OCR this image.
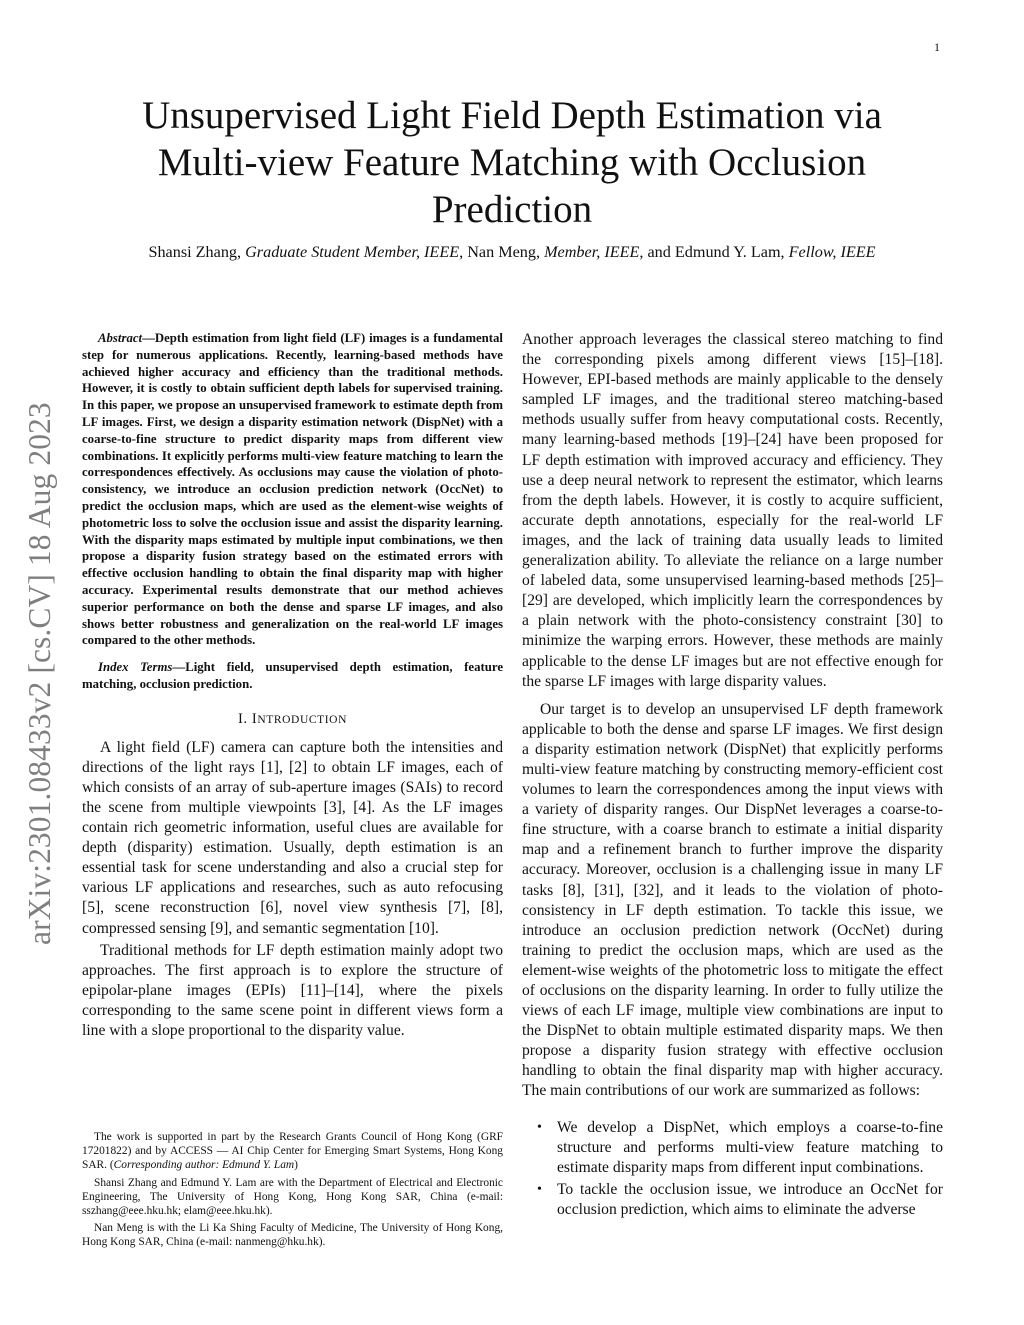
1
arXiv:2301.08433v2 [cs.CV] 18 Aug 2023
Unsupervised Light Field Depth Estimation via Multi-view Feature Matching with Occlusion Prediction

Shansi Zhang, Graduate Student Member, IEEE, Nan Meng, Member, IEEE, and Edmund Y. Lam, Fellow, IEEE

Abstract—Depth estimation from light field (LF) images is a fundamental step for numerous applications. Recently, learning-based methods have achieved higher accuracy and efficiency than the traditional methods. However, it is costly to obtain sufficient depth labels for supervised training. In this paper, we propose an unsupervised framework to estimate depth from LF images. First, we design a disparity estimation network (DispNet) with a coarse-to-fine structure to predict disparity maps from different view combinations. It explicitly performs multi-view feature matching to learn the correspondences effectively. As occlusions may cause the violation of photo-consistency, we introduce an occlusion prediction network (OccNet) to predict the occlusion maps, which are used as the element-wise weights of photometric loss to solve the occlusion issue and assist the disparity learning. With the disparity maps estimated by multiple input combinations, we then propose a disparity fusion strategy based on the estimated errors with effective occlusion handling to obtain the final disparity map with higher accuracy. Experimental results demonstrate that our method achieves superior performance on both the dense and sparse LF images, and also shows better robustness and generalization on the real-world LF images compared to the other methods.

Index Terms—Light field, unsupervised depth estimation, feature matching, occlusion prediction.

I. INTRODUCTION

A light field (LF) camera can capture both the intensities and directions of the light rays [1], [2] to obtain LF images, each of which consists of an array of sub-aperture images (SAIs) to record the scene from multiple viewpoints [3], [4]. As the LF images contain rich geometric information, useful clues are available for depth (disparity) estimation. Usually, depth estimation is an essential task for scene understanding and also a crucial step for various LF applications and researches, such as auto refocusing [5], scene reconstruction [6], novel view synthesis [7], [8], compressed sensing [9], and semantic segmentation [10].

Traditional methods for LF depth estimation mainly adopt two approaches. The first approach is to explore the structure of epipolar-plane images (EPIs) [11]–[14], where the pixels corresponding to the same scene point in different views form a line with a slope proportional to the disparity value.

The work is supported in part by the Research Grants Council of Hong Kong (GRF 17201822) and by ACCESS — AI Chip Center for Emerging Smart Systems, Hong Kong SAR. (Corresponding author: Edmund Y. Lam)

Shansi Zhang and Edmund Y. Lam are with the Department of Electrical and Electronic Engineering, The University of Hong Kong, Hong Kong SAR, China (e-mail: sszhang@eee.hku.hk; elam@eee.hku.hk).

Nan Meng is with the Li Ka Shing Faculty of Medicine, The University of Hong Kong, Hong Kong SAR, China (e-mail: nanmeng@hku.hk).

Another approach leverages the classical stereo matching to find the corresponding pixels among different views [15]–[18]. However, EPI-based methods are mainly applicable to the densely sampled LF images, and the traditional stereo matching-based methods usually suffer from heavy computational costs. Recently, many learning-based methods [19]–[24] have been proposed for LF depth estimation with improved accuracy and efficiency. They use a deep neural network to represent the estimator, which learns from the depth labels. However, it is costly to acquire sufficient, accurate depth annotations, especially for the real-world LF images, and the lack of training data usually leads to limited generalization ability. To alleviate the reliance on a large number of labeled data, some unsupervised learning-based methods [25]–[29] are developed, which implicitly learn the correspondences by a plain network with the photo-consistency constraint [30] to minimize the warping errors. However, these methods are mainly applicable to the dense LF images but are not effective enough for the sparse LF images with large disparity values.

Our target is to develop an unsupervised LF depth framework applicable to both the dense and sparse LF images. We first design a disparity estimation network (DispNet) that explicitly performs multi-view feature matching by constructing memory-efficient cost volumes to learn the correspondences among the input views with a variety of disparity ranges. Our DispNet leverages a coarse-to-fine structure, with a coarse branch to estimate a initial disparity map and a refinement branch to further improve the disparity accuracy. Moreover, occlusion is a challenging issue in many LF tasks [8], [31], [32], and it leads to the violation of photo-consistency in LF depth estimation. To tackle this issue, we introduce an occlusion prediction network (OccNet) during training to predict the occlusion maps, which are used as the element-wise weights of the photometric loss to mitigate the effect of occlusions on the disparity learning. In order to fully utilize the views of each LF image, multiple view combinations are input to the DispNet to obtain multiple estimated disparity maps. We then propose a disparity fusion strategy with effective occlusion handling to obtain the final disparity map with higher accuracy. The main contributions of our work are summarized as follows:

• We develop a DispNet, which employs a coarse-to-fine structure and performs multi-view feature matching to estimate disparity maps from different input combinations.
• To tackle the occlusion issue, we introduce an OccNet for occlusion prediction, which aims to eliminate the adverse
